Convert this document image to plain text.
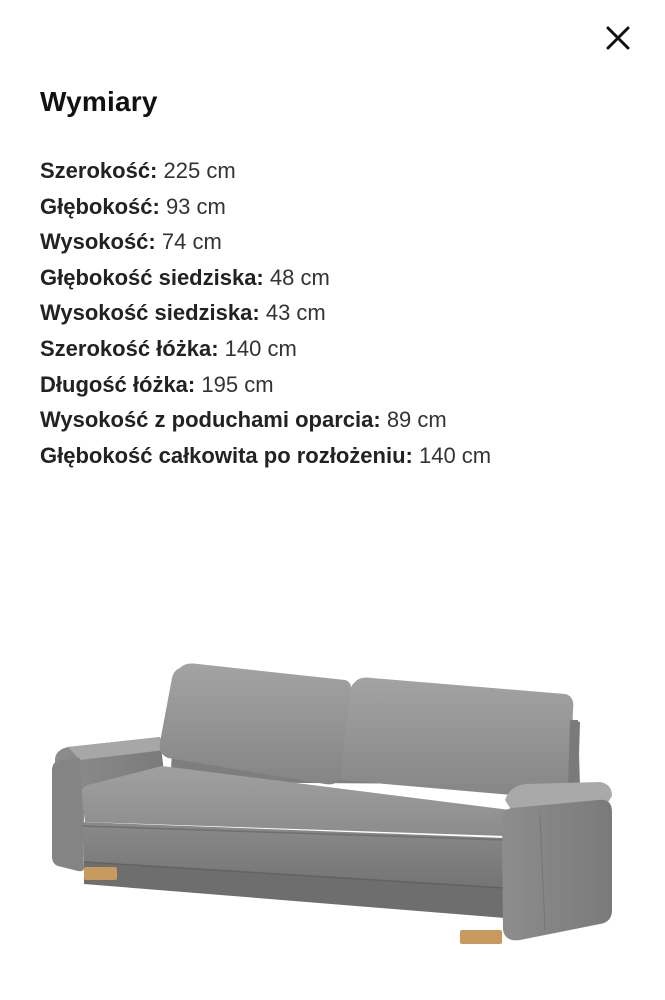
Wymiary
Szerokość: 225 cm
Głębokość: 93 cm
Wysokość: 74 cm
Głębokość siedziska: 48 cm
Wysokość siedziska: 43 cm
Szerokość łóżka: 140 cm
Długość łóżka: 195 cm
Wysokość z poduchami oparcia: 89 cm
Głębokość całkowita po rozłożeniu: 140 cm
